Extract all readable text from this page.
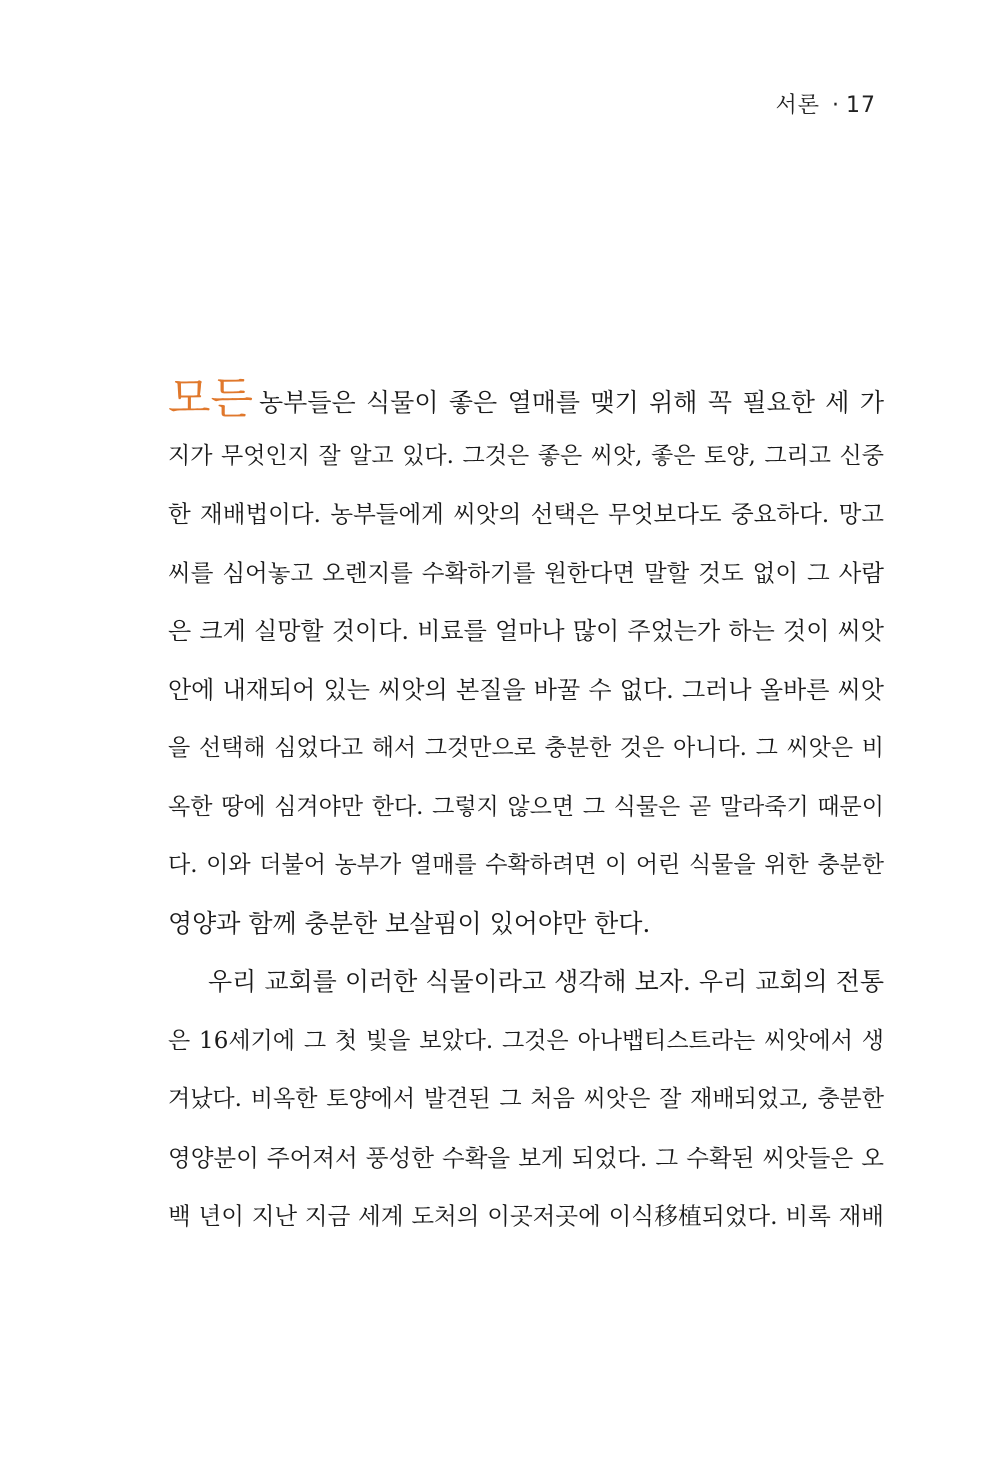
서론 · 17
모든 농부들은 식물이 좋은 열매를 맺기 위해 꼭 필요한 세 가
지가 무엇인지 잘 알고 있다. 그것은 좋은 씨앗, 좋은 토양, 그리고 신중
한 재배법이다. 농부들에게 씨앗의 선택은 무엇보다도 중요하다. 망고
씨를 심어놓고 오렌지를 수확하기를 원한다면 말할 것도 없이 그 사람
은 크게 실망할 것이다. 비료를 얼마나 많이 주었는가 하는 것이 씨앗
안에 내재되어 있는 씨앗의 본질을 바꿀 수 없다. 그러나 올바른 씨앗
을 선택해 심었다고 해서 그것만으로 충분한 것은 아니다. 그 씨앗은 비
옥한 땅에 심겨야만 한다. 그렇지 않으면 그 식물은 곧 말라죽기 때문이
다. 이와 더불어 농부가 열매를 수확하려면 이 어린 식물을 위한 충분한
영양과 함께 충분한 보살핌이 있어야만 한다.
우리 교회를 이러한 식물이라고 생각해 보자. 우리 교회의 전통
은 16세기에 그 첫 빛을 보았다. 그것은 아나뱁티스트라는 씨앗에서 생
겨났다. 비옥한 토양에서 발견된 그 처음 씨앗은 잘 재배되었고, 충분한
영양분이 주어져서 풍성한 수확을 보게 되었다. 그 수확된 씨앗들은 오
백 년이 지난 지금 세계 도처의 이곳저곳에 이식移植되었다. 비록 재배
